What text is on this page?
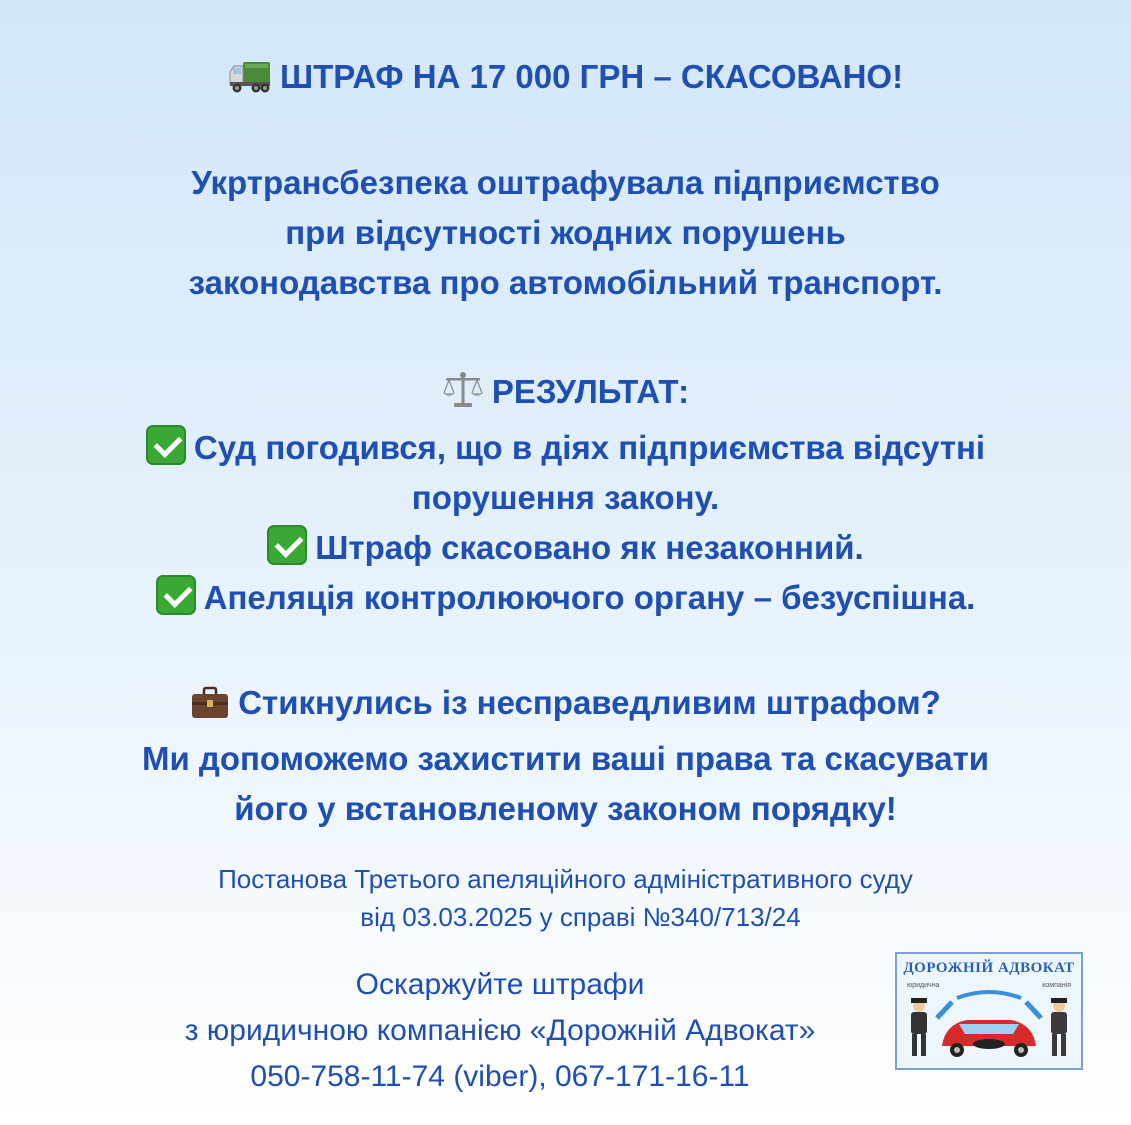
ШТРАФ НА 17 000 ГРН – СКАСОВАНО!
Укртрансбезпека оштрафувала підприємство
при відсутності жодних порушень
законодавства про автомобільний транспорт.
РЕЗУЛЬТАТ:
Суд погодився, що в діях підприємства відсутні
порушення закону.
Штраф скасовано як незаконний.
Апеляція контролюючого органу – безуспішна.
Стикнулись із несправедливим штрафом?
Ми допоможемо захистити ваші права та скасувати
його у встановленому законом порядку!
Постанова Третього апеляційного адміністративного суду
від 03.03.2025 у справі №340/713/24
Оскаржуйте штрафи
з юридичною компанією «Дорожній Адвокат»
050-758-11-74 (viber), 067-171-16-11
ДОРОЖНІЙ АДВОКАТ
юридична	компанія
